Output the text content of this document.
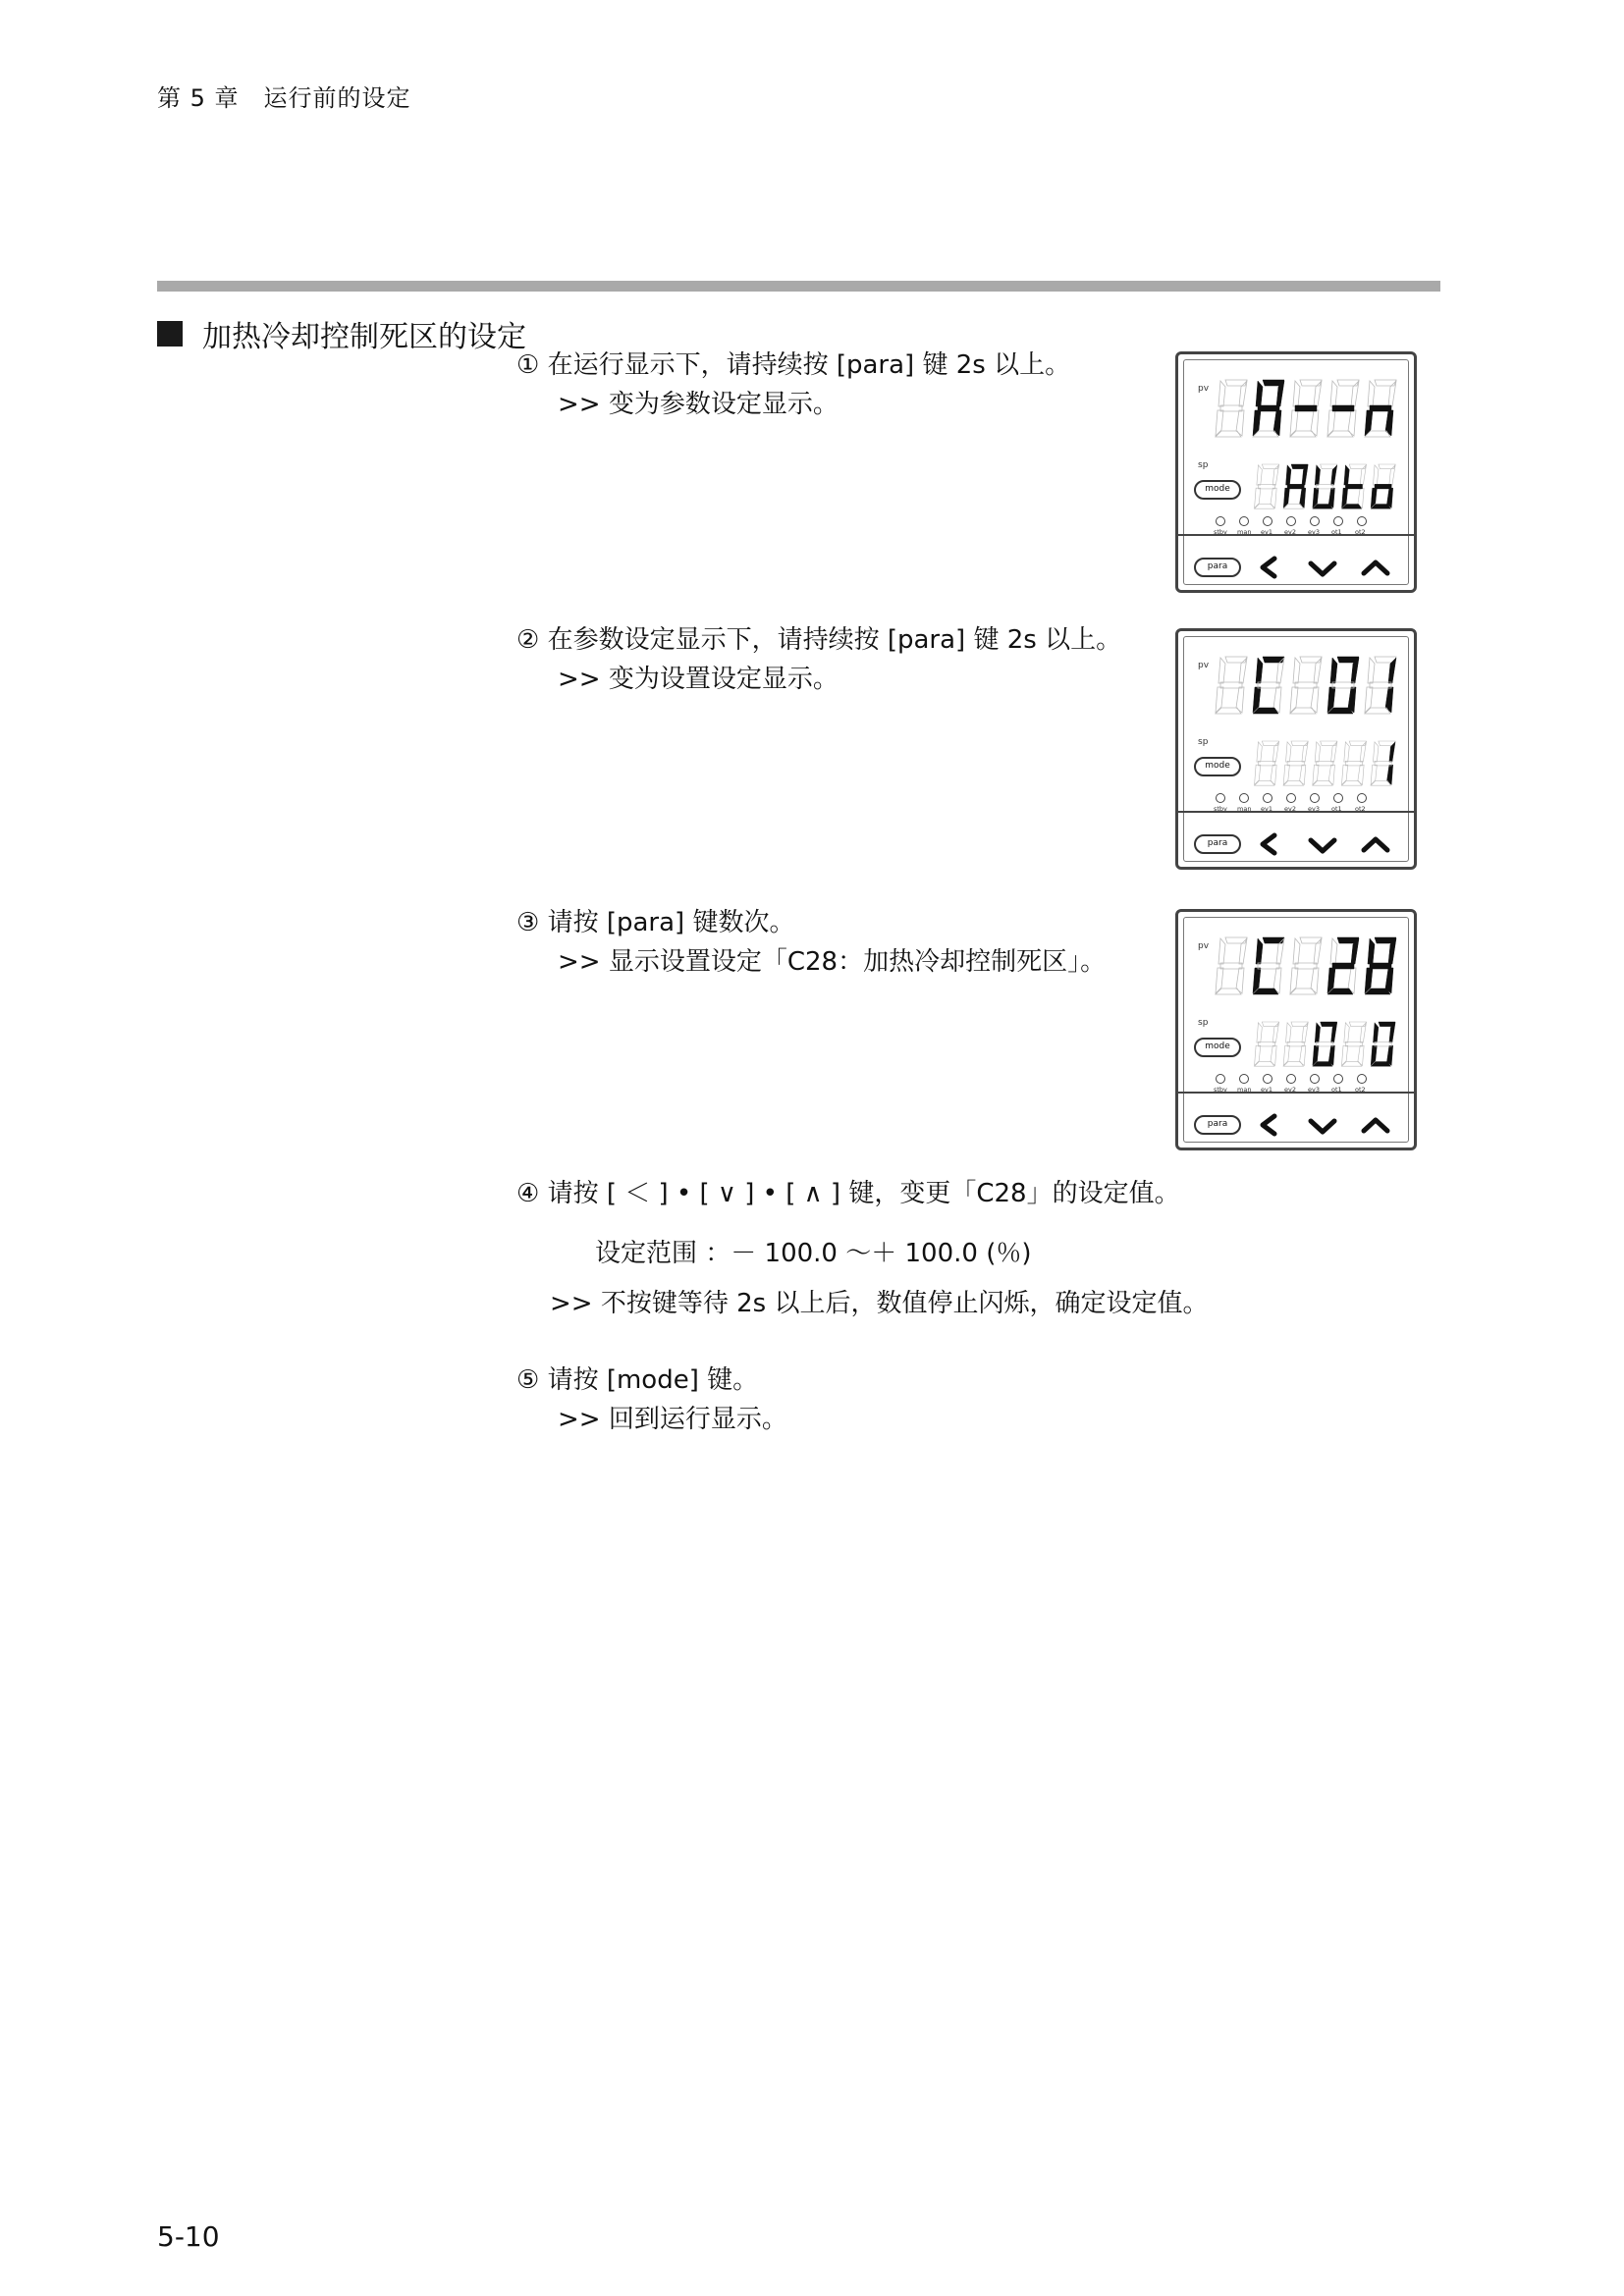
第 5 章　运行前的设定
加热冷却控制死区的设定
① 在运行显示下，请持续按 [para] 键 2s 以上。
>> 变为参数设定显示。
② 在参数设定显示下，请持续按 [para] 键 2s 以上。
>> 变为设置设定显示。
③ 请按 [para] 键数次。
>> 显示设置设定「C28：加热冷却控制死区」。
④ 请按 [ ＜ ] • [ ∨ ] • [ ∧ ] 键，变更「C28」的设定值。
设定范围 ：－ 100.0 ～＋ 100.0 (％)
>> 不按键等待 2s 以上后，数值停止闪烁，确定设定值。
⑤ 请按 [mode] 键。
>> 回到运行显示。
pv
sp
mode
stby man ev1 ev2 ev3 ot1 ot2
para
pv
sp
mode
stby man ev1 ev2 ev3 ot1 ot2
para
pv
sp
mode
stby man ev1 ev2 ev3 ot1 ot2
para
5-10
